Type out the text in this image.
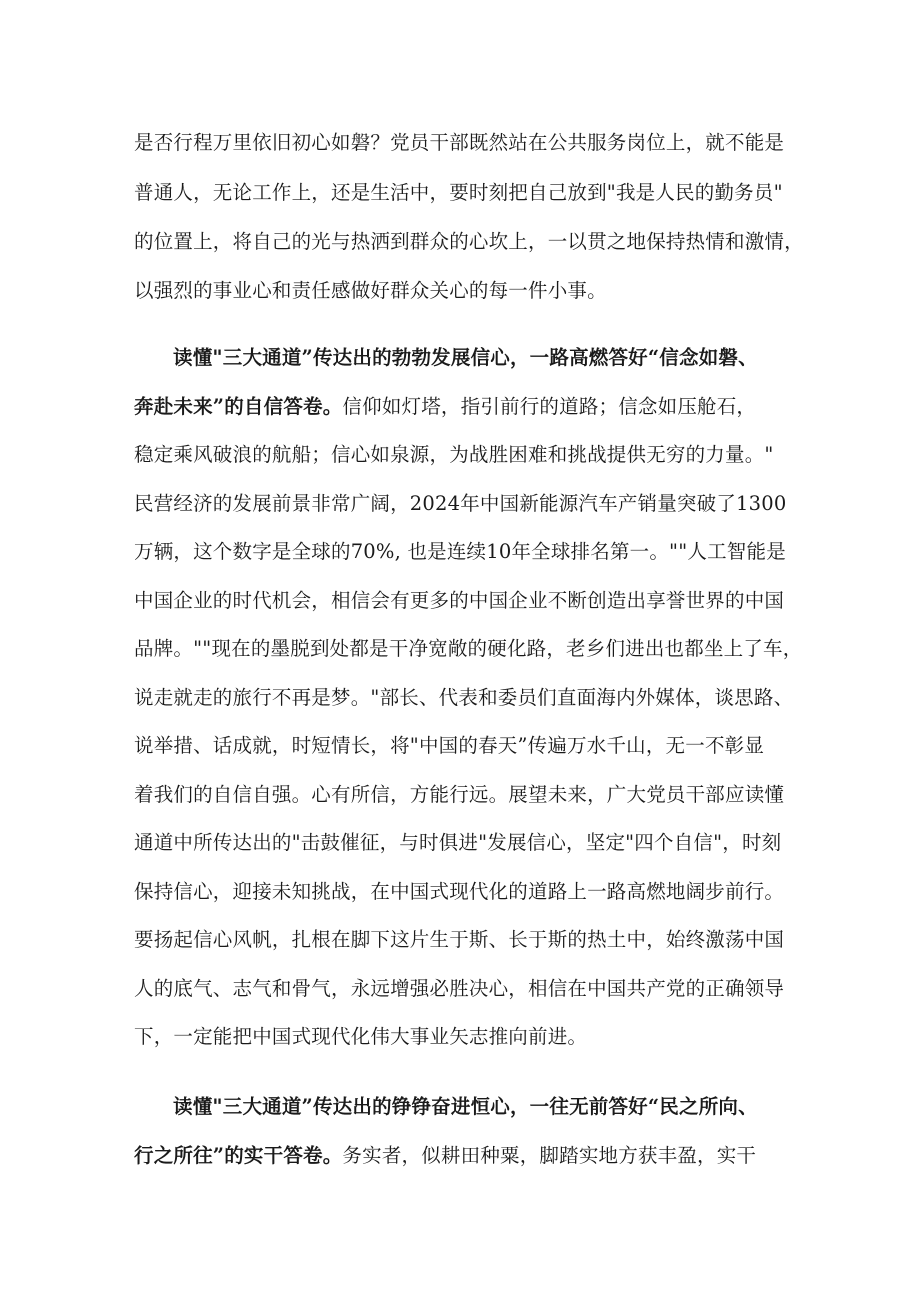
是否行程万里依旧初心如磐？党员干部既然站在公共服务岗位上，就不能是
普通人，无论工作上，还是生活中，要时刻把自己放到"我是人民的勤务员"
的位置上，将自己的光与热洒到群众的心坎上，一以贯之地保持热情和激情，
以强烈的事业心和责任感做好群众关心的每一件小事。
读懂"三大通道”传达出的勃勃发展信心，一路高燃答好“信念如磐、
奔赴未来”的自信答卷。信仰如灯塔，指引前行的道路；信念如压舱石，
稳定乘风破浪的航船；信心如泉源，为战胜困难和挑战提供无穷的力量。"
民营经济的发展前景非常广阔，2024年中国新能源汽车产销量突破了1300
万辆，这个数字是全球的70%, 也是连续10年全球排名第一。""人工智能是
中国企业的时代机会，相信会有更多的中国企业不断创造出享誉世界的中国
品牌。""现在的墨脱到处都是干净宽敞的硬化路，老乡们进出也都坐上了车，
说走就走的旅行不再是梦。"部长、代表和委员们直面海内外媒体，谈思路、
说举措、话成就，时短情长，将"中国的春天”传遍万水千山，无一不彰显
着我们的自信自强。心有所信，方能行远。展望未来，广大党员干部应读懂
通道中所传达出的"击鼓催征，与时俱进"发展信心，坚定"四个自信"，时刻
保持信心，迎接未知挑战，在中国式现代化的道路上一路高燃地阔步前行。
要扬起信心风帆，扎根在脚下这片生于斯、长于斯的热土中，始终激荡中国
人的底气、志气和骨气，永远增强必胜决心，相信在中国共产党的正确领导
下，一定能把中国式现代化伟大事业矢志推向前进。
读懂"三大通道”传达出的铮铮奋进恒心，一往无前答好“民之所向、
行之所往”的实干答卷。务实者，似耕田种粟，脚踏实地方获丰盈，实干
